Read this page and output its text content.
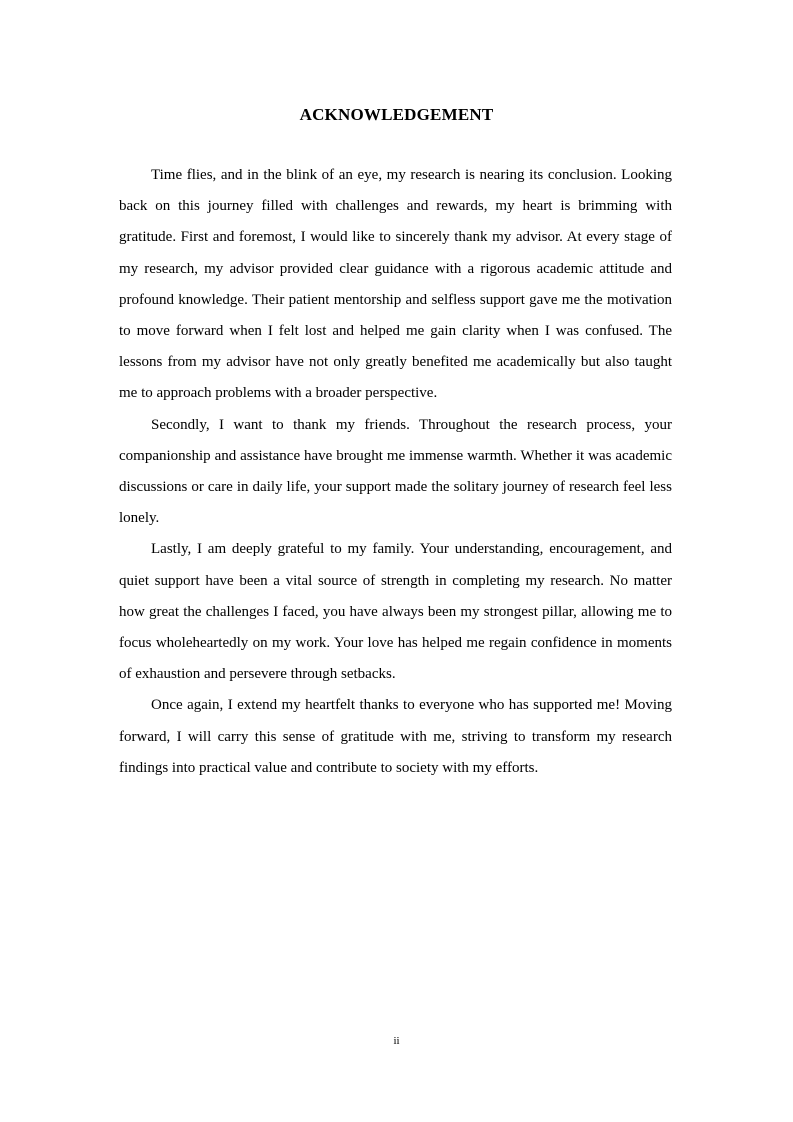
ACKNOWLEDGEMENT

Time flies, and in the blink of an eye, my research is nearing its conclusion. Looking back on this journey filled with challenges and rewards, my heart is brimming with gratitude. First and foremost, I would like to sincerely thank my advisor. At every stage of my research, my advisor provided clear guidance with a rigorous academic attitude and profound knowledge. Their patient mentorship and selfless support gave me the motivation to move forward when I felt lost and helped me gain clarity when I was confused. The lessons from my advisor have not only greatly benefited me academically but also taught me to approach problems with a broader perspective.

Secondly, I want to thank my friends. Throughout the research process, your companionship and assistance have brought me immense warmth. Whether it was academic discussions or care in daily life, your support made the solitary journey of research feel less lonely.

Lastly, I am deeply grateful to my family. Your understanding, encouragement, and quiet support have been a vital source of strength in completing my research. No matter how great the challenges I faced, you have always been my strongest pillar, allowing me to focus wholeheartedly on my work. Your love has helped me regain confidence in moments of exhaustion and persevere through setbacks.

Once again, I extend my heartfelt thanks to everyone who has supported me! Moving forward, I will carry this sense of gratitude with me, striving to transform my research findings into practical value and contribute to society with my efforts.

ii
